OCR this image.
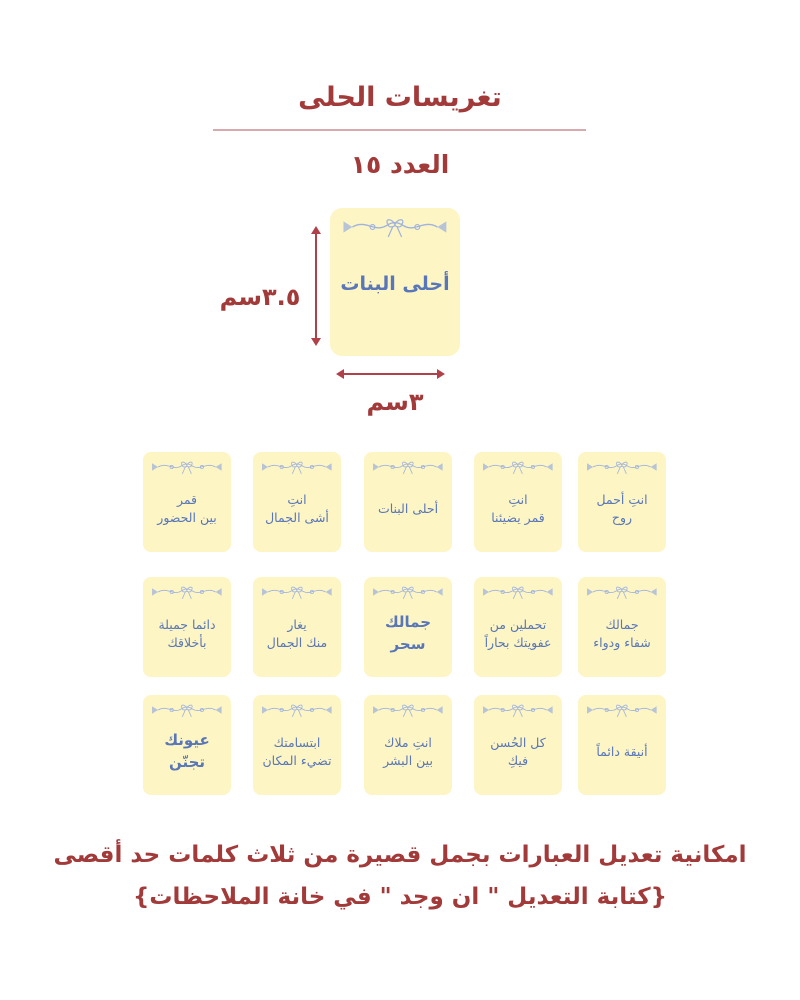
تغريسات الحلى
العدد ١٥
أحلى البنات
٣.٥سم
٣سم
انتِ أحمل
روح
انتِ
قمر يضيئنا
أحلى البنات
انتِ
أشى الجمال
قمر
بين الحضور
جمالك
شفاء ودواء
تحملين من
عفويتك بحاراً
جمالك
سحر
يغار
منك الجمال
دائما جميلة
بأخلاقك
أنيقة دائماً
كل الحُسن
فيكِ
انتِ ملاك
بين البشر
ابتسامتك
تضيء المكان
عيونك
تجنّن
امكانية تعديل العبارات بجمل قصيرة من ثلاث كلمات حد أقصى
{كتابة التعديل " ان وجد " في خانة الملاحظات}
